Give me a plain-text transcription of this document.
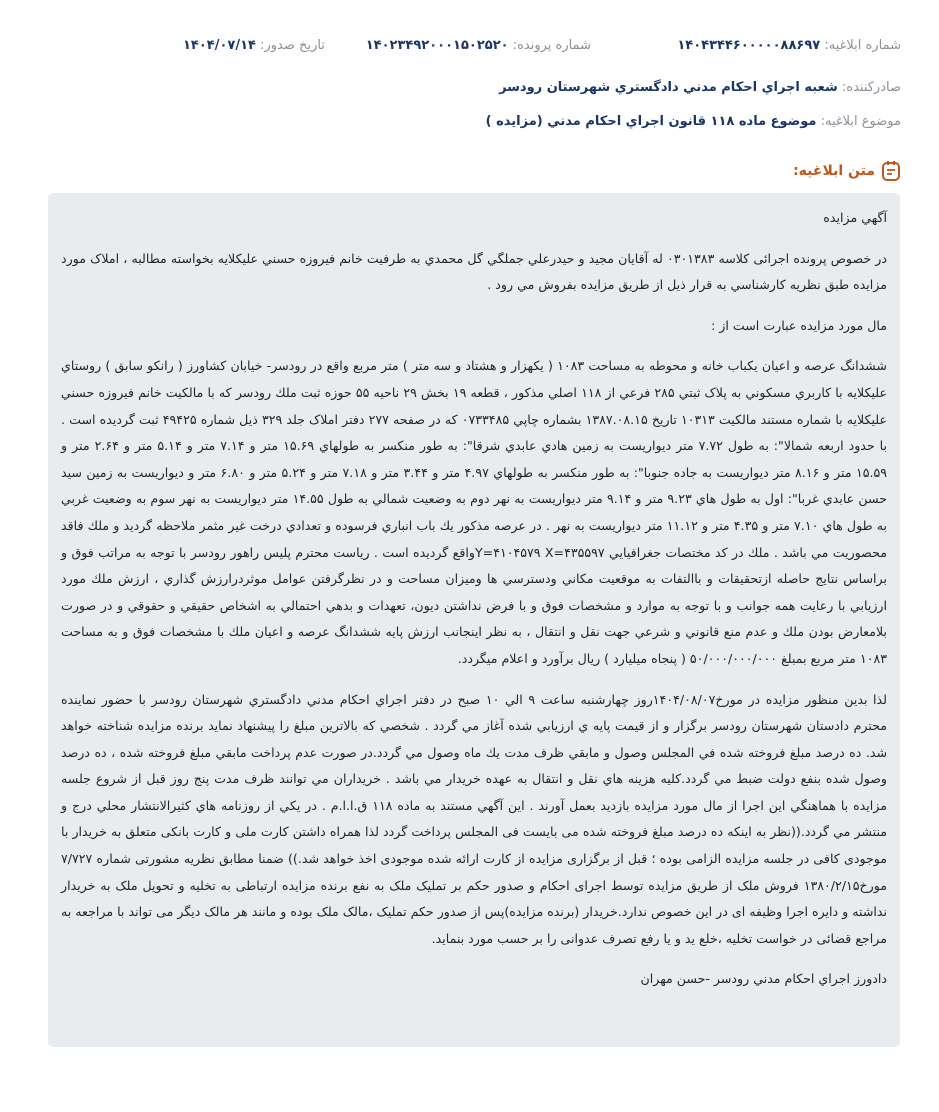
شماره ابلاغیه: ۱۴۰۴۳۴۴۶۰۰۰۰۰۸۸۶۹۷
شماره پرونده: ۱۴۰۲۳۴۹۲۰۰۰۱۵۰۲۵۲۰
تاریخ صدور: ۱۴۰۴/۰۷/۱۴
صادرکننده:

شعبه اجراي احکام مدني دادگستري شهرستان رودسر
موضوع ابلاغیه:

موضوع ماده ۱۱۸ قانون اجراي احکام مدني (مزايده )
متن ابلاغیه:

آگهي مزايده

در خصوص پرونده اجرائی کلاسه ۰۳۰۱۳۸۳ له آقايان مجيد و حيدرعلي جملگي گل محمدي به طرفيت خانم فيروزه حسني عليکلايه بخواسته مطالبه ، املاک مورد مزايده طبق نظريه کارشناسي به قرار ذيل از طريق مزايده بفروش مي رود .

مال مورد مزايده عبارت است از :

ششدانگ عرصه و اعيان يکباب خانه و محوطه به مساحت ۱۰۸۳ ( يکهزار و هشتاد و سه متر ) متر مربع واقع در رودسر- خيابان کشاورز ( رانکو سابق ) روستاي عليکلايه با کاربري مسکوني به پلاک ثبتي ۲۸۵ فرعي از ۱۱۸ اصلي مذکور ، قطعه ۱۹ بخش ۲۹ ناحيه ۵۵ حوزه ثبت ملك رودسر که با مالکيت خانم فيروزه حسني عليکلايه با شماره مستند مالکيت ۱۰۳۱۳ تاريخ ۱۳۸۷.۰۸.۱۵ بشماره چاپي ۰۷۳۳۴۸۵ که در صفحه ۲۷۷ دفتر املاک جلد ۳۲۹ ذيل شماره ۴۹۴۲۵ ثبت گرديده است . با حدود اربعه شمالا": به طول ۷.۷۲ متر ديواريست به زمين هادي عابدي شرقا": به طور منکسر به طولهاي ۱۵.۶۹ متر و ۷.۱۴ متر و ۵.۱۴ متر و ۲.۶۴ متر و ۱۵.۵۹ متر و ۸.۱۶ متر ديواريست به جاده جنوبا": به طور منکسر به طولهاي ۴.۹۷ متر و ۳.۴۴ متر و ۷.۱۸ متر و ۵.۲۴ متر و ۶.۸۰ متر و ديواريست به زمين سيد حسن عابدي غربا": اول به طول هاي ۹.۲۳ متر و ۹.۱۴ متر ديواريست به نهر دوم به وضعيت شمالي به طول ۱۴.۵۵ متر ديواريست به نهر سوم به وضعيت غربي به طول هاي ۷.۱۰ متر و ۴.۳۵ متر و ۱۱.۱۲ متر ديواريست به نهر . در عرصه مذکور يك باب انباري فرسوده و تعدادي درخت غير مثمر ملاحظه گرديد و ملك فاقد محصوريت مي باشد . ملك در کد مختصات جغرافيايي Y=۴۱۰۴۵۷۹ X=۴۳۵۵۹۷واقع گرديده است . رياست محترم پليس راهور رودسر با توجه به مراتب فوق و براساس نتايج حاصله ازتحقيقات و باالتفات به موقعيت مکاني ودسترسي ها وميزان مساحت و در نظرگرفتن عوامل موثردرارزش گذاري ، ارزش ملك مورد ارزيابي با رعايت همه جوانب و با توجه به موارد و مشخصات فوق و با فرض نداشتن ديون، تعهدات و بدهي احتمالي به اشخاص حقيقي و حقوقي و در صورت بلامعارض بودن ملك و عدم منع قانوني و شرعي جهت نقل و انتقال ، به نظر اينجانب ارزش پايه ششدانگ عرصه و اعيان ملك با مشخصات فوق و به مساحت ۱۰۸۳ متر مربع بمبلغ ۵۰/۰۰۰/۰۰۰/۰۰۰ ( پنجاه ميليارد ) ريال برآورد و اعلام ميگردد.

لذا بدين منظور مزايده در مورخ۱۴۰۴/۰۸/۰۷روز چهارشنبه ساعت ۹ الي ۱۰ صبح در دفتر اجراي احکام مدني دادگستري شهرستان رودسر با حضور نماينده محترم دادستان شهرستان رودسر برگزار و از قيمت پايه ي ارزيابي شده آغاز مي گردد . شخصي که بالاترين مبلغ را پيشنهاد نمايد برنده مزايده شناخته خواهد شد. ده درصد مبلغ فروخته شده في المجلس وصول و مابقي ظرف مدت يك ماه وصول مي گردد.در صورت عدم پرداخت مابقي مبلغ فروخته شده ، ده درصد وصول شده بنفع دولت ضبط مي گردد.کليه هزينه هاي نقل و انتقال به عهده خريدار مي باشد . خريداران مي توانند ظرف مدت پنج روز قبل از شروع جلسه مزايده با هماهنگي اين اجرا از مال مورد مزايده بازديد بعمل آورند . اين آگهي مستند به ماده ۱۱۸ ق.ا.ا.م . در يکي از روزنامه هاي کثيرالانتشار محلي درج و منتشر مي گردد.((نظر به اینکه ده درصد مبلغ فروخته شده می بایست فی المجلس پرداخت گردد لذا همراه داشتن کارت ملی و کارت بانکی متعلق به خریدار با موجودی کافی در جلسه مزایده الزامی بوده ؛ قبل از برگزاری مزایده از کارت ارائه شده موجودی اخذ خواهد شد.)) ضمنا مطابق نظریه مشورتی شماره ۷/۷۲۷ مورخ۱۳۸۰/۲/۱۵ فروش ملک از طریق مزایده توسط اجرای احکام و صدور حکم بر تملیک ملک به نفع برنده مزایده ارتباطی به تخلیه و تحویل ملک به خریدار نداشته و دایره اجرا وظیفه ای در این خصوص ندارد.خریدار (برنده مزایده)پس از صدور حکم تملیک ،مالک ملک بوده و مانند هر مالک دیگر می تواند با مراجعه به مراجع قضائی در خواست تخلیه ،خلع ید و یا رفع تصرف عدوانی را بر حسب مورد بنماید.

دادورز اجراي احکام مدني رودسر -حسن مهران
